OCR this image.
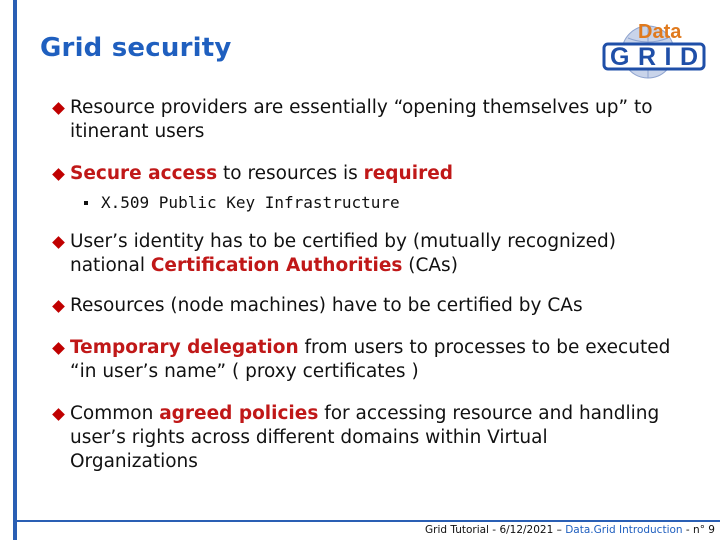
Grid security
Data
GRID
Resource providers are essentially “opening themselves up” to itinerant users
Secure access to resources is required
X.509 Public Key Infrastructure
User’s identity has to be certified by (mutually recognized) national Certification Authorities (CAs)
Resources (node machines) have to be certified by CAs
Temporary delegation from users to processes to be executed “in user’s name” ( proxy certificates )
Common agreed policies for accessing resource and handling user’s rights across different domains within Virtual Organizations
Grid Tutorial - 6/12/2021 – Data.Grid Introduction - n° 9
